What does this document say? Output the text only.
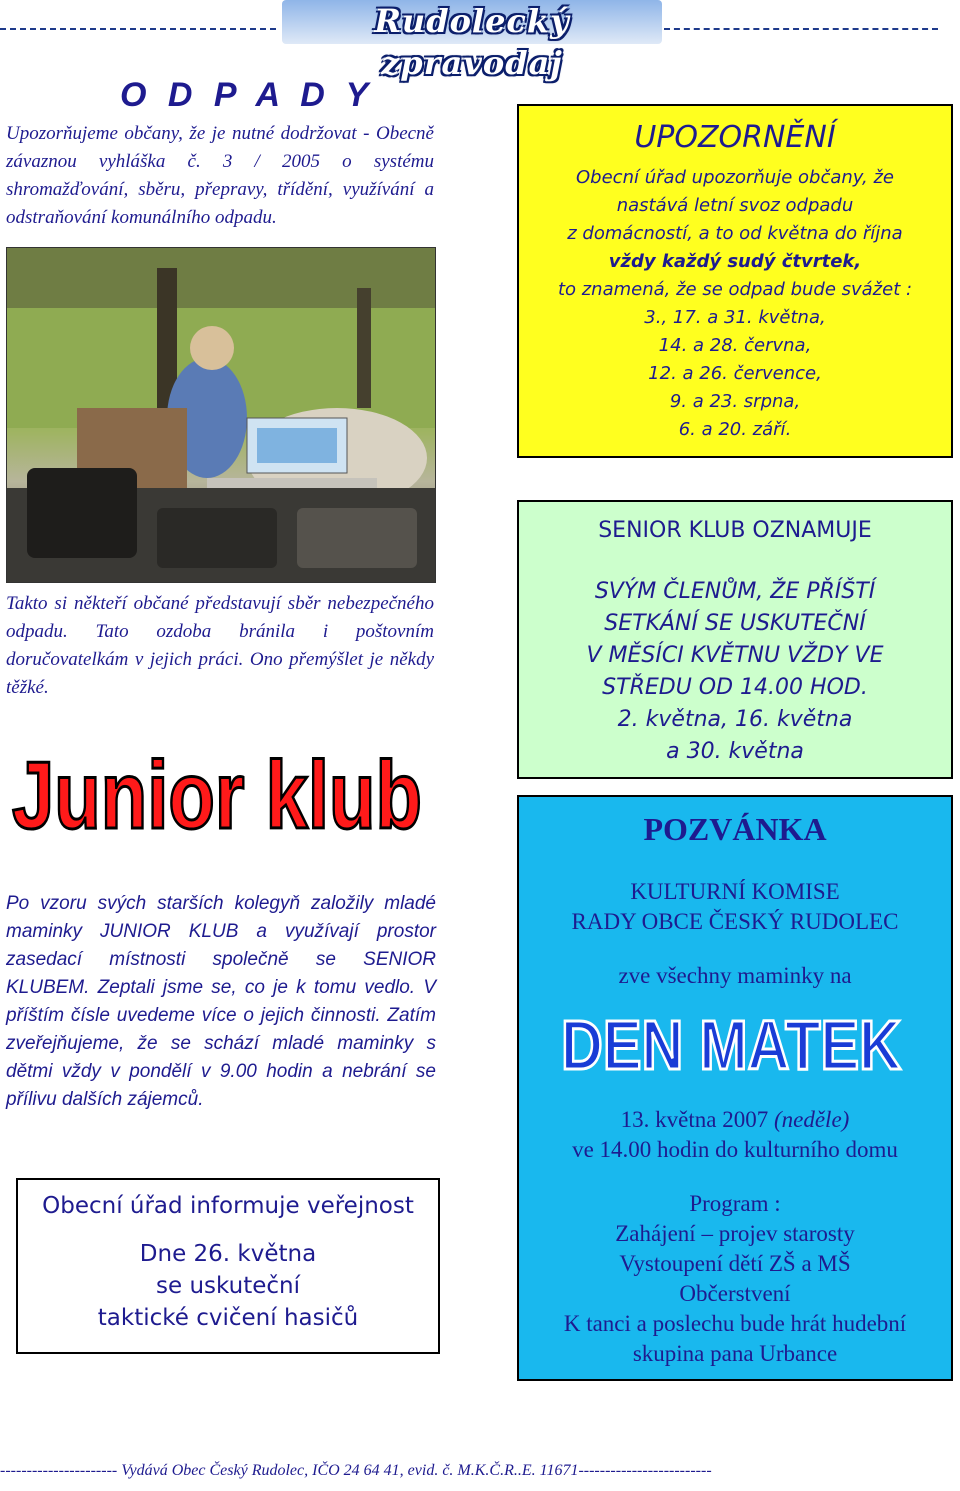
Rudolecký zpravodaj
O D P A D Y
Upozorňujeme občany, že je nutné dodržovat - Obecně závaznou vyhláška č. 3 / 2005 o systému shromažďování, sběru, přepravy, třídění, využívání a odstraňování komunálního odpadu.
Takto si někteří občané představují sběr nebezpečného odpadu. Tato ozdoba bránila i poštovním doručovatelkám v jejich práci. Ono přemýšlet je někdy těžké.
Junior klub
Po vzoru svých starších kolegyň založily mladé maminky JUNIOR KLUB a využívají prostor zasedací místnosti společně se SENIOR KLUBEM. Zeptali jsme se, co je k tomu vedlo. V příštím čísle uvedeme více o jejich činnosti. Zatím zveřejňujeme, že se schází mladé maminky s dětmi vždy v pondělí v 9.00 hodin a nebrání se přílivu dalších zájemců.
Obecní úřad informuje veřejnost
Dne 26. května
se uskuteční
taktické cvičení hasičů
UPOZORNĚNÍ
Obecní úřad upozorňuje občany, že
nastává letní svoz odpadu
z domácností, a to od května do října
vždy každý sudý čtvrtek,
to znamená, že se odpad bude svážet :
3., 17. a 31. května,
14. a 28. června,
12. a 26. července,
9. a 23. srpna,
6. a 20. září.
SENIOR KLUB OZNAMUJE
SVÝM ČLENŮM, ŽE PŘÍŠTÍ
SETKÁNÍ SE USKUTEČNÍ
V MĚSÍCI KVĚTNU VŽDY VE
STŘEDU OD 14.00 HOD.
2. května, 16. května
a 30. května
POZVÁNKA
KULTURNÍ KOMISE
RADY OBCE ČESKÝ RUDOLEC
zve všechny maminky na
DEN MATEK
13. května 2007 (neděle)
ve 14.00 hodin do kulturního domu
Program :
Zahájení – projev starosty
Vystoupení dětí ZŠ a MŠ
Občerstvení
K tanci a poslechu bude hrát hudební
skupina pana Urbance
---------------------- Vydává Obec Český Rudolec, IČO 24 64 41, evid. č. M.K.Č.R..E. 11671-------------------------
